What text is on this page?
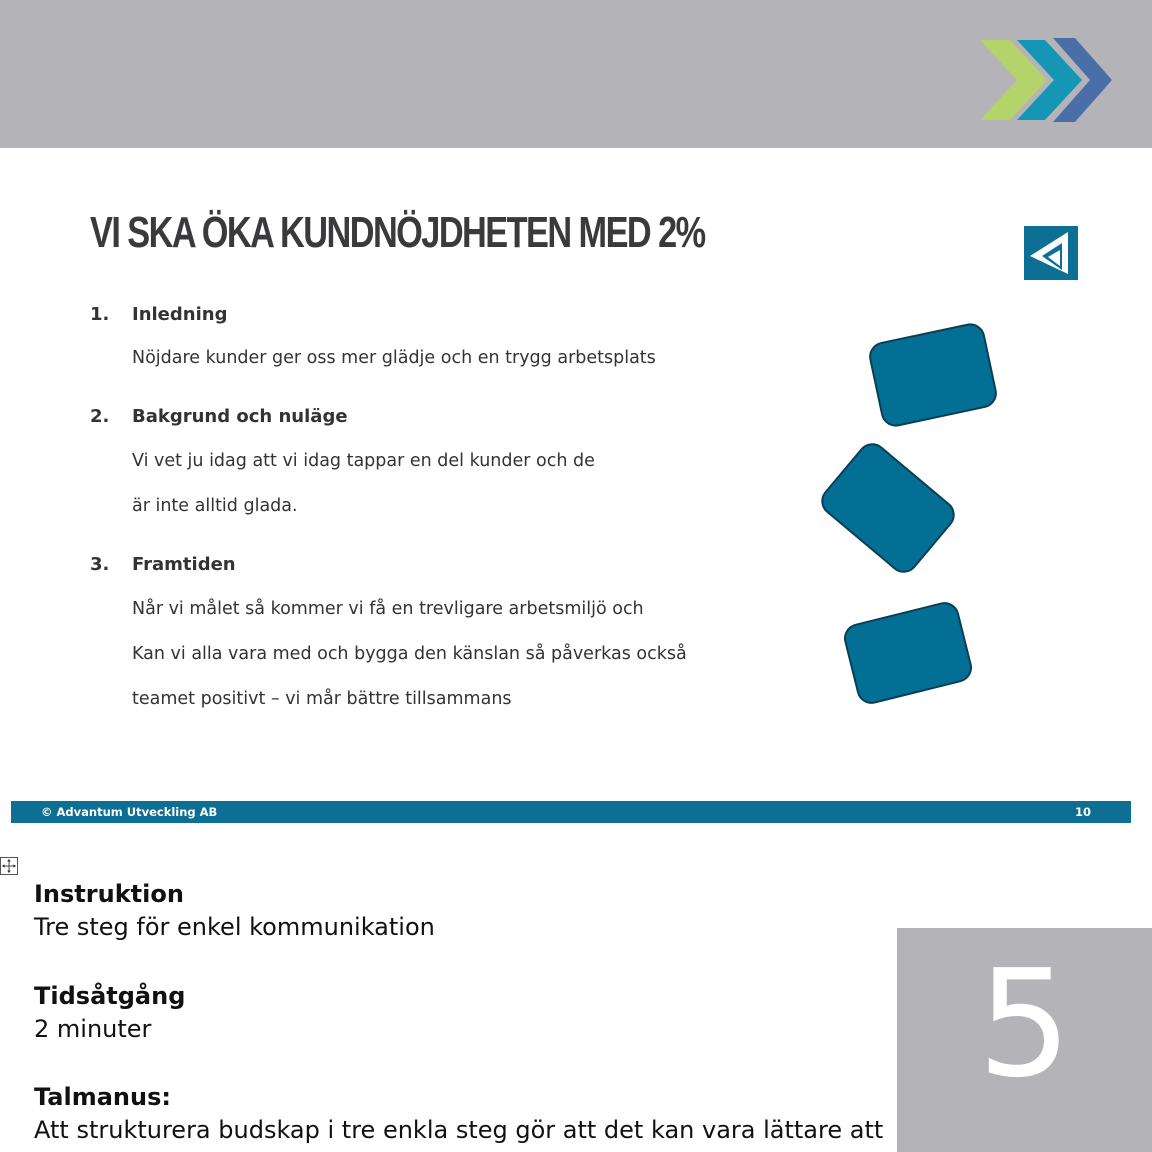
VI SKA ÖKA KUNDNÖJDHETEN MED 2%
1. Inledning
Nöjdare kunder ger oss mer glädje och en trygg arbetsplats
2. Bakgrund och nuläge
Vi vet ju idag att vi idag tappar en del kunder och de
är inte alltid glada.
3. Framtiden
Når vi målet så kommer vi få en trevligare arbetsmiljö och
Kan vi alla vara med och bygga den känslan så påverkas också
teamet positivt – vi mår bättre tillsammans
© Advantum Utveckling AB	10
Instruktion
Tre steg för enkel kommunikation
Tidsåtgång
2 minuter
Talmanus:
Att strukturera budskap i tre enkla steg gör att det kan vara lättare att
5
